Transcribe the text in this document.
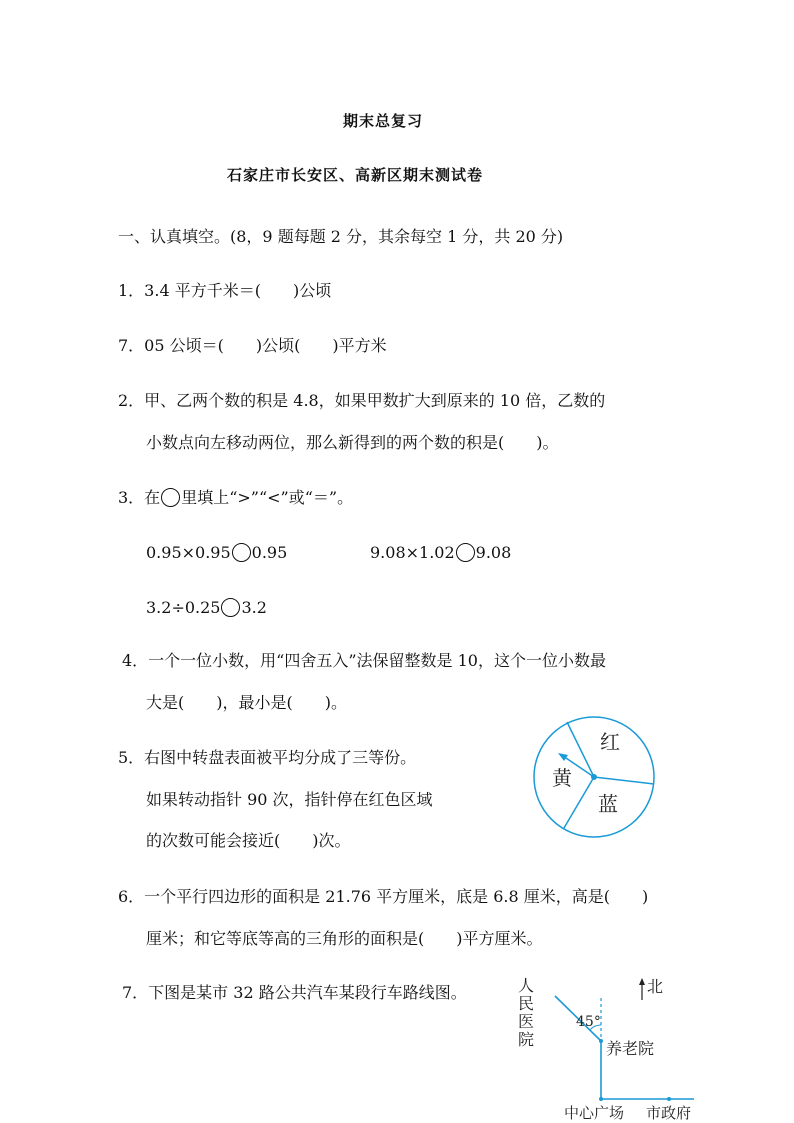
期末总复习
石家庄市长安区、高新区期末测试卷
一、认真填空。(8，9 题每题 2 分，其余每空 1 分，共 20 分)
1．3.4 平方千米＝(　　)公顷
7．05 公顷＝(　　)公顷(　　)平方米
2．甲、乙两个数的积是 4.8，如果甲数扩大到原来的 10 倍，乙数的
小数点向左移动两位，那么新得到的两个数的积是(　　)。
3．在 里填上“>”“<”或“＝”。
0.95×0.95 0.95	9.08×1.02 9.08
3.2÷0.25 3.2
4．一个一位小数，用“四舍五入”法保留整数是 10，这个一位小数最
大是(　　)，最小是(　　)。
5．右图中转盘表面被平均分成了三等份。
如果转动指针 90 次，指针停在红色区域
的次数可能会接近(　　)次。
红
黄
蓝
6．一个平行四边形的面积是 21.76 平方厘米，底是 6.8 厘米，高是(　　)
厘米；和它等底等高的三角形的面积是(　　)平方厘米。
7．下图是某市 32 路公共汽车某段行车路线图。	人
民
医
院
北
45°
养老院
中心广场 市政府
